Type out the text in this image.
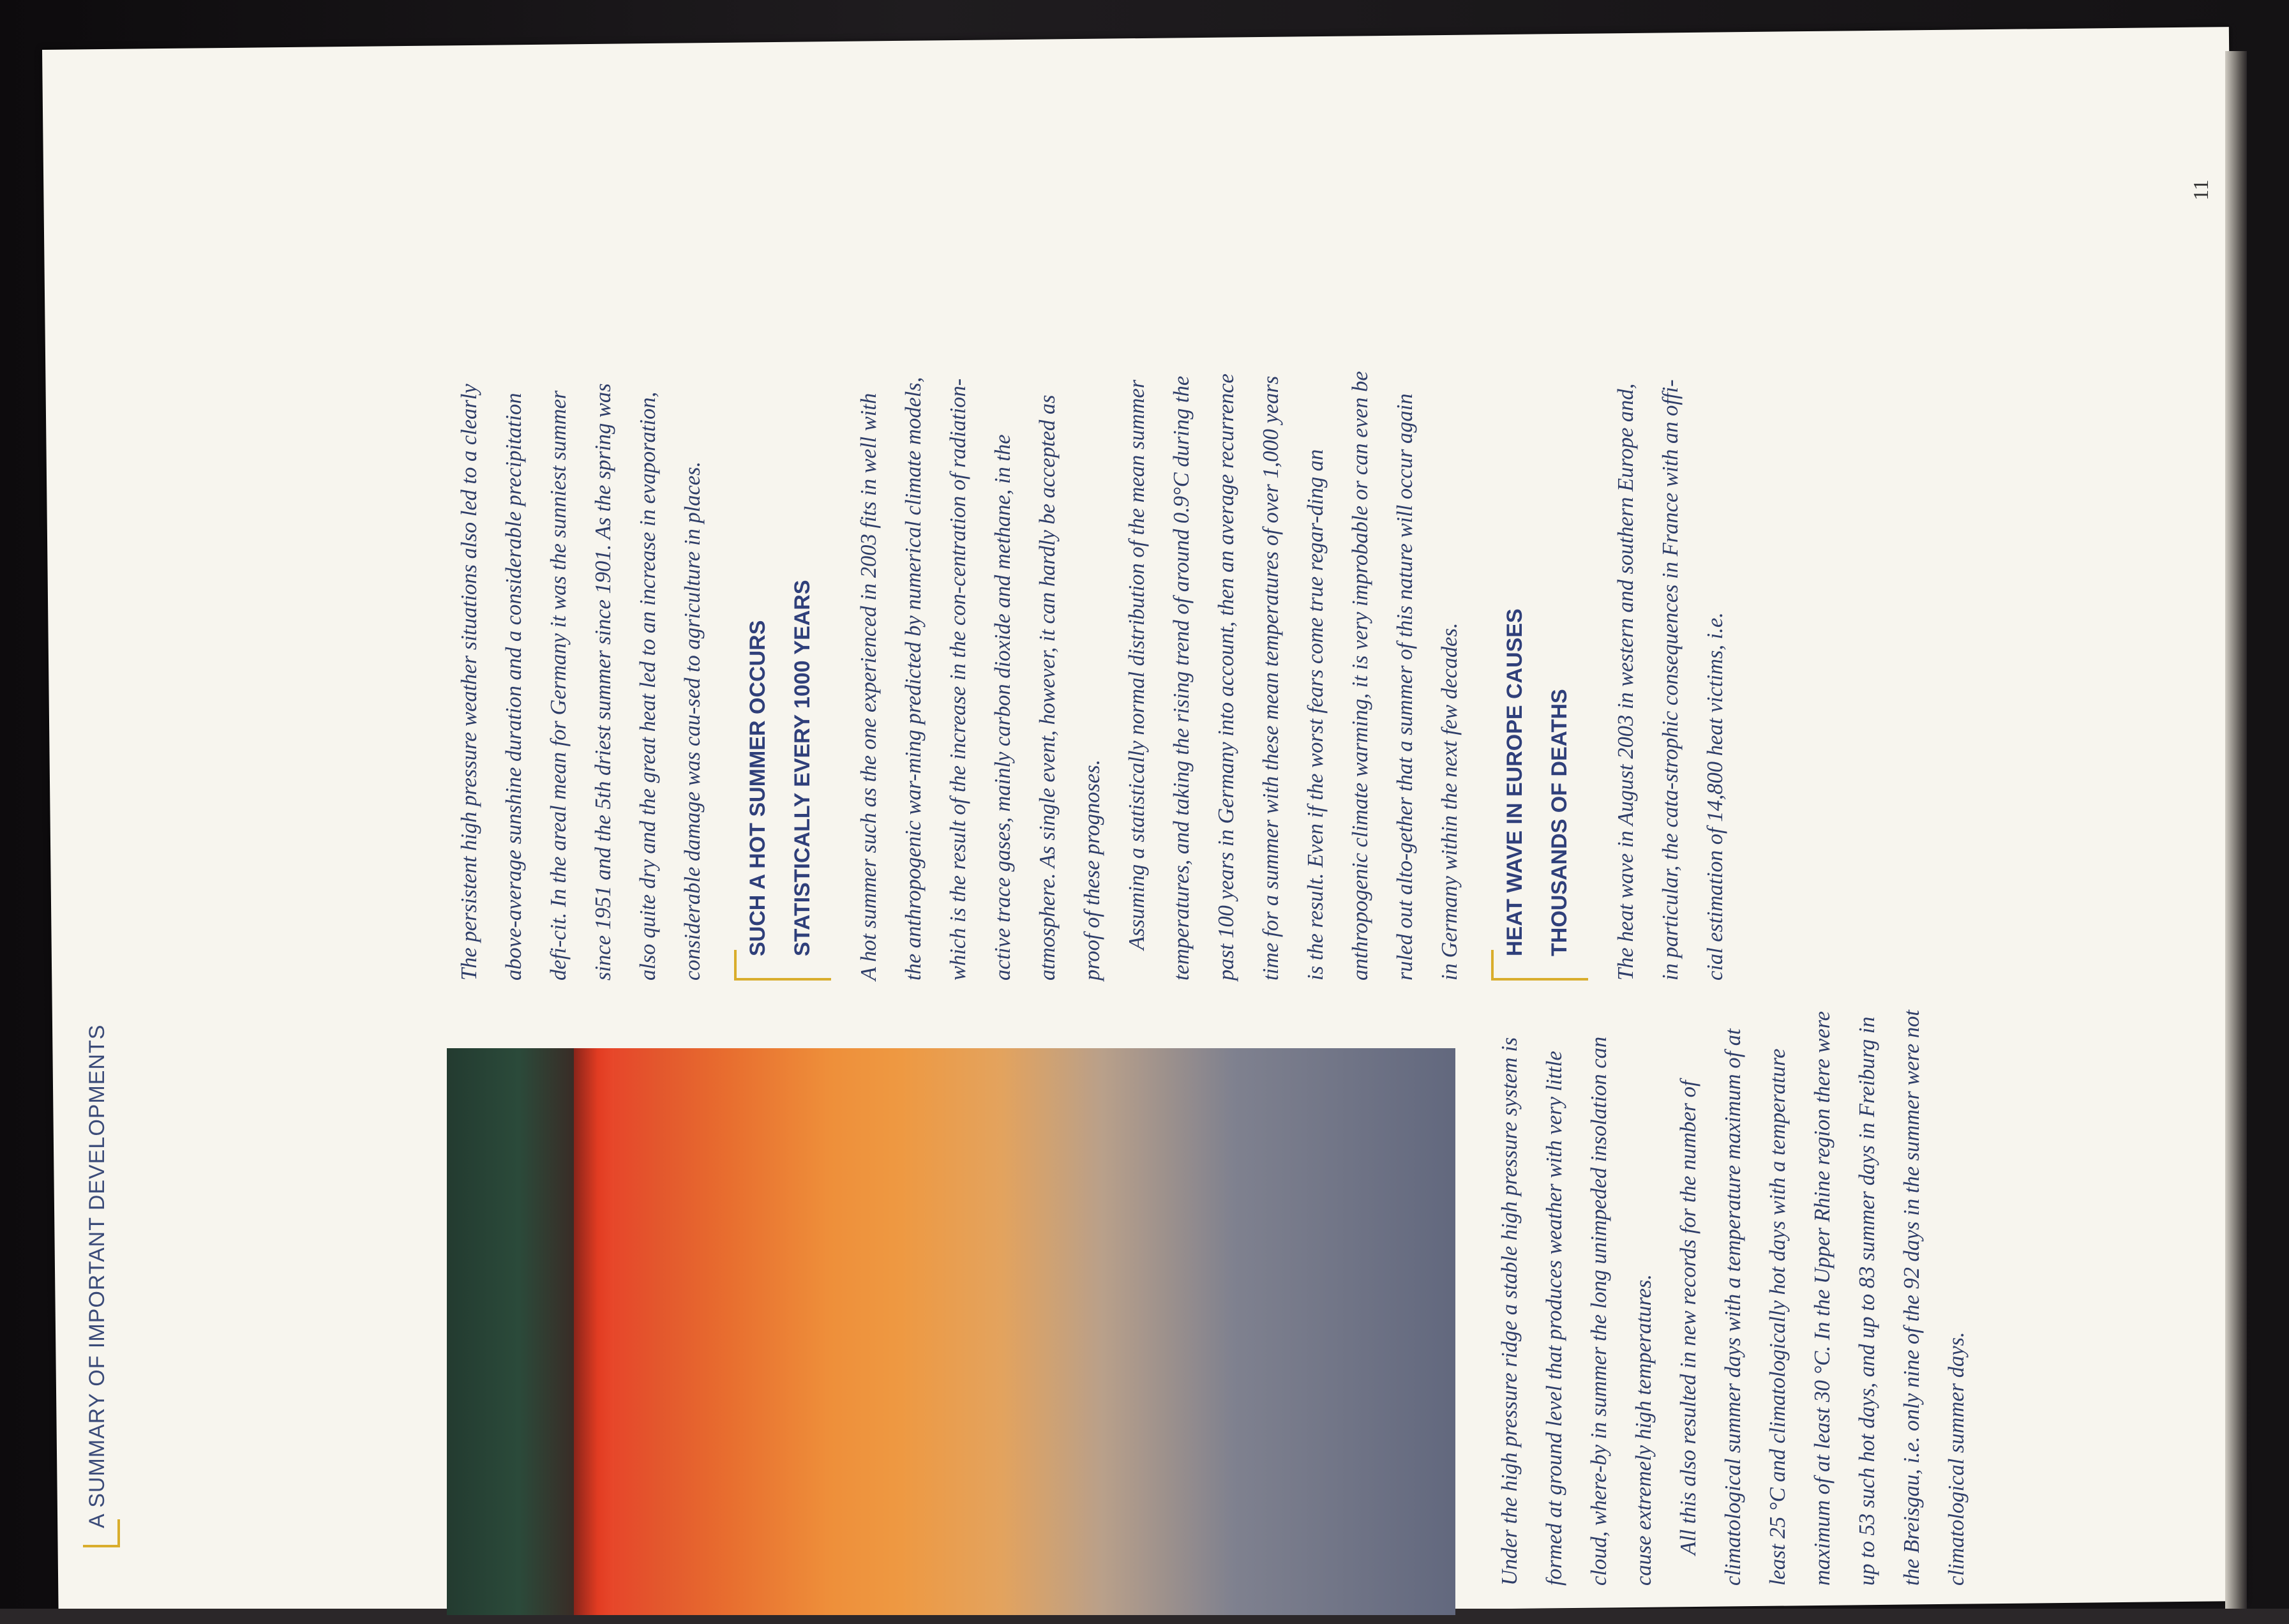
A SUMMARY OF IMPORTANT DEVELOPMENTS	Under the high pressure ridge a stable high pressure system is formed at ground level that produces weather with very little cloud, where-by in summer the long unimpeded insolation can cause extremely high temperatures. All this also resulted in new records for the number of climatological summer days with a temperature maximum of at least 25 °C and climatologically hot days with a temperature maximum of at least 30 °C. In the Upper Rhine region there were up to 53 such hot days, and up to 83 summer days in Freiburg in the Breisgau, i.e. only nine of the 92 days in the summer were not climatological summer days.

The persistent high pressure weather situations also led to a clearly above-average sunshine duration and a considerable precipitation defi-cit. In the areal mean for Germany it was the sunniest summer since 1951 and the 5th driest summer since 1901. As the spring was also quite dry and the great heat led to an increase in evaporation, considerable damage was cau-sed to agriculture in places.	SUCH A HOT SUMMER OCCURS STATISTICALLY EVERY 1000 YEARS	A hot summer such as the one experienced in 2003 fits in well with the anthropogenic war-ming predicted by numerical climate models, which is the result of the increase in the con-centration of radiation-active trace gases, mainly carbon dioxide and methane, in the atmosphere. As single event, however, it can hardly be accepted as proof of these prognoses. Assuming a statistically normal distribution of the mean summer temperatures, and taking the rising trend of around 0.9°C during the past 100 years in Germany into account, then an average recurrence time for a summer with these mean temperatures of over 1,000 years is the result. Even if the worst fears come true regar-ding an anthropogenic climate warming, it is very improbable or can even be ruled out alto-gether that a summer of this nature will occur again in Germany within the next few decades.	HEAT WAVE IN EUROPE CAUSES THOUSANDS OF DEATHS	The heat wave in August 2003 in western and southern Europe and, in particular, the cata-strophic consequences in France with an offi-cial estimation of 14,800 heat victims, i.e.

11
